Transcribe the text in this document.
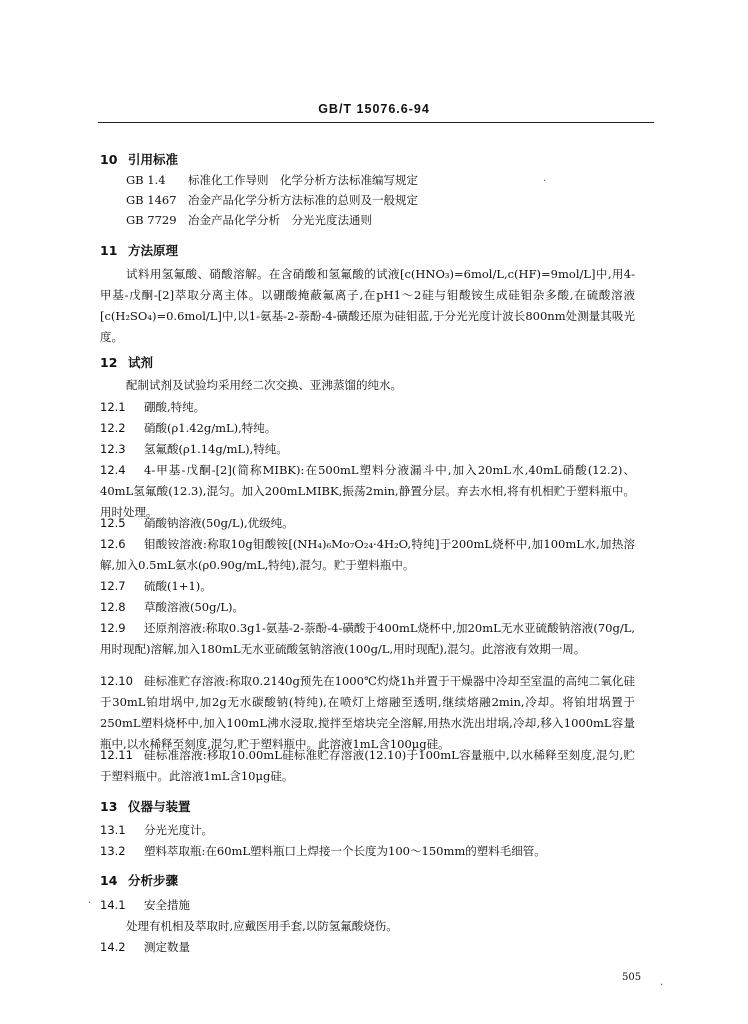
GB/T 15076.6-94
10 引用标准
GB 1.4 标准化工作导则　化学分析方法标准编写规定
GB 1467 冶金产品化学分析方法标准的总则及一般规定
GB 7729 冶金产品化学分析　分光光度法通则
11 方法原理
试料用氢氟酸、硝酸溶解。在含硝酸和氢氟酸的试液[c(HNO₃)=6mol/L,c(HF)=9mol/L]中,用4-甲基-戊酮-[2]萃取分离主体。以硼酸掩蔽氟离子,在pH1～2硅与钼酸铵生成硅钼杂多酸,在硫酸溶液[c(H₂SO₄)=0.6mol/L]中,以1-氨基-2-萘酚-4-磺酸还原为硅钼蓝,于分光光度计波长800nm处测量其吸光度。
12 试剂
配制试剂及试验均采用经二次交换、亚沸蒸馏的纯水。
12.1 硼酸,特纯。
12.2 硝酸(ρ1.42g/mL),特纯。
12.3 氢氟酸(ρ1.14g/mL),特纯。
12.4	4-甲基-戊酮-[2](简称MIBK):在500mL塑料分液漏斗中,加入20mL水,40mL硝酸(12.2)、40mL氢氟酸(12.3),混匀。加入200mLMIBK,振荡2min,静置分层。弃去水相,将有机相贮于塑料瓶中。用时处理。
12.5 硝酸钠溶液(50g/L),优级纯。
12.6	钼酸铵溶液:称取10g钼酸铵[(NH₄)₆Mo₇O₂₄·4H₂O,特纯]于200mL烧杯中,加100mL水,加热溶解,加入0.5mL氨水(ρ0.90g/mL,特纯),混匀。贮于塑料瓶中。
12.7 硫酸(1+1)。
12.8 草酸溶液(50g/L)。
12.9	还原剂溶液:称取0.3g1-氨基-2-萘酚-4-磺酸于400mL烧杯中,加20mL无水亚硫酸钠溶液(70g/L,用时现配)溶解,加入180mL无水亚硫酸氢钠溶液(100g/L,用时现配),混匀。此溶液有效期一周。
12.10 硅标准贮存溶液:称取0.2140g预先在1000℃灼烧1h并置于干燥器中冷却至室温的高纯二氧化硅于30mL铂坩埚中,加2g无水碳酸钠(特纯),在喷灯上熔融至透明,继续熔融2min,冷却。将铂坩埚置于250mL塑料烧杯中,加入100mL沸水浸取,搅拌至熔块完全溶解,用热水洗出坩埚,冷却,移入1000mL容量瓶中,以水稀释至刻度,混匀,贮于塑料瓶中。此溶液1mL含100μg硅。
12.11 硅标准溶液:移取10.00mL硅标准贮存溶液(12.10)于100mL容量瓶中,以水稀释至刻度,混匀,贮于塑料瓶中。此溶液1mL含10μg硅。
13 仪器与装置
13.1 分光光度计。
13.2 塑料萃取瓶:在60mL塑料瓶口上焊接一个长度为100～150mm的塑料毛细管。
14 分析步骤
14.1 安全措施
处理有机相及萃取时,应戴医用手套,以防氢氟酸烧伤。
14.2 测定数量
505
·
·
·
